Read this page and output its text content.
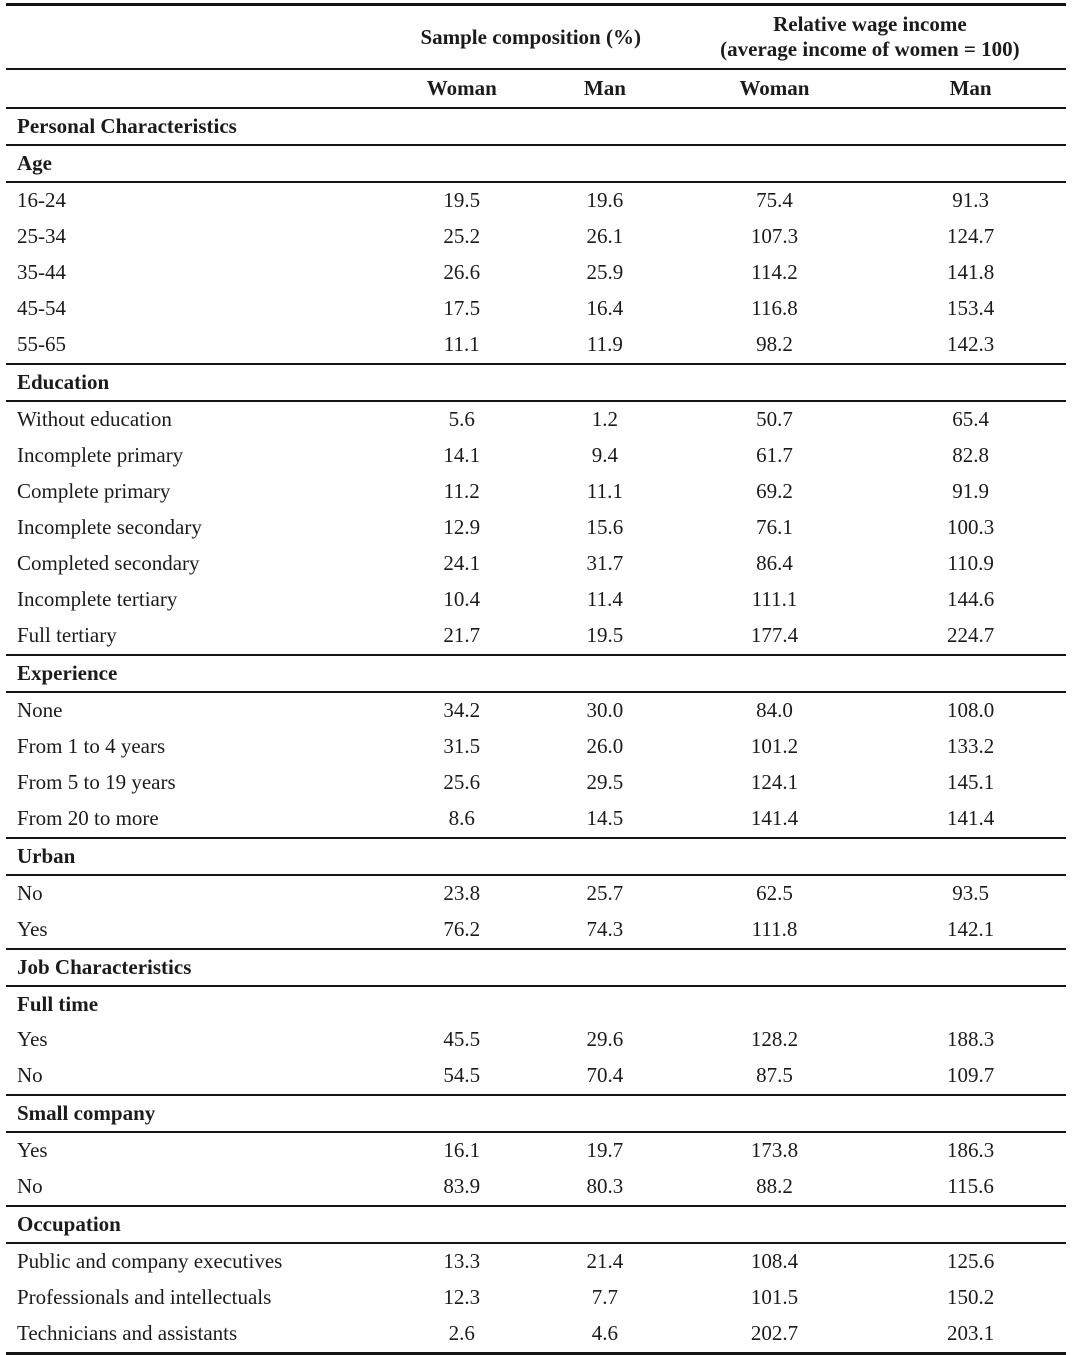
	Sample composition (%)		Relative wage income
(average income of women = 100)	

	Woman	Man	Woman	Man
Personal Characteristics				
Age				
16-24	19.5	19.6	75.4	91.3
25-34	25.2	26.1	107.3	124.7
35-44	26.6	25.9	114.2	141.8
45-54	17.5	16.4	116.8	153.4
55-65	11.1	11.9	98.2	142.3
Education				
Without education	5.6	1.2	50.7	65.4
Incomplete primary	14.1	9.4	61.7	82.8
Complete primary	11.2	11.1	69.2	91.9
Incomplete secondary	12.9	15.6	76.1	100.3
Completed secondary	24.1	31.7	86.4	110.9
Incomplete tertiary	10.4	11.4	111.1	144.6
Full tertiary	21.7	19.5	177.4	224.7
Experience				
None	34.2	30.0	84.0	108.0
From 1 to 4 years	31.5	26.0	101.2	133.2
From 5 to 19 years	25.6	29.5	124.1	145.1
From 20 to more	8.6	14.5	141.4	141.4
Urban				
No	23.8	25.7	62.5	93.5
Yes	76.2	74.3	111.8	142.1
Job Characteristics				
Full time				
Yes	45.5	29.6	128.2	188.3
No	54.5	70.4	87.5	109.7
Small company				
Yes	16.1	19.7	173.8	186.3
No	83.9	80.3	88.2	115.6
Occupation				
Public and company executives	13.3	21.4	108.4	125.6
Professionals and intellectuals	12.3	7.7	101.5	150.2
Technicians and assistants	2.6	4.6	202.7	203.1
